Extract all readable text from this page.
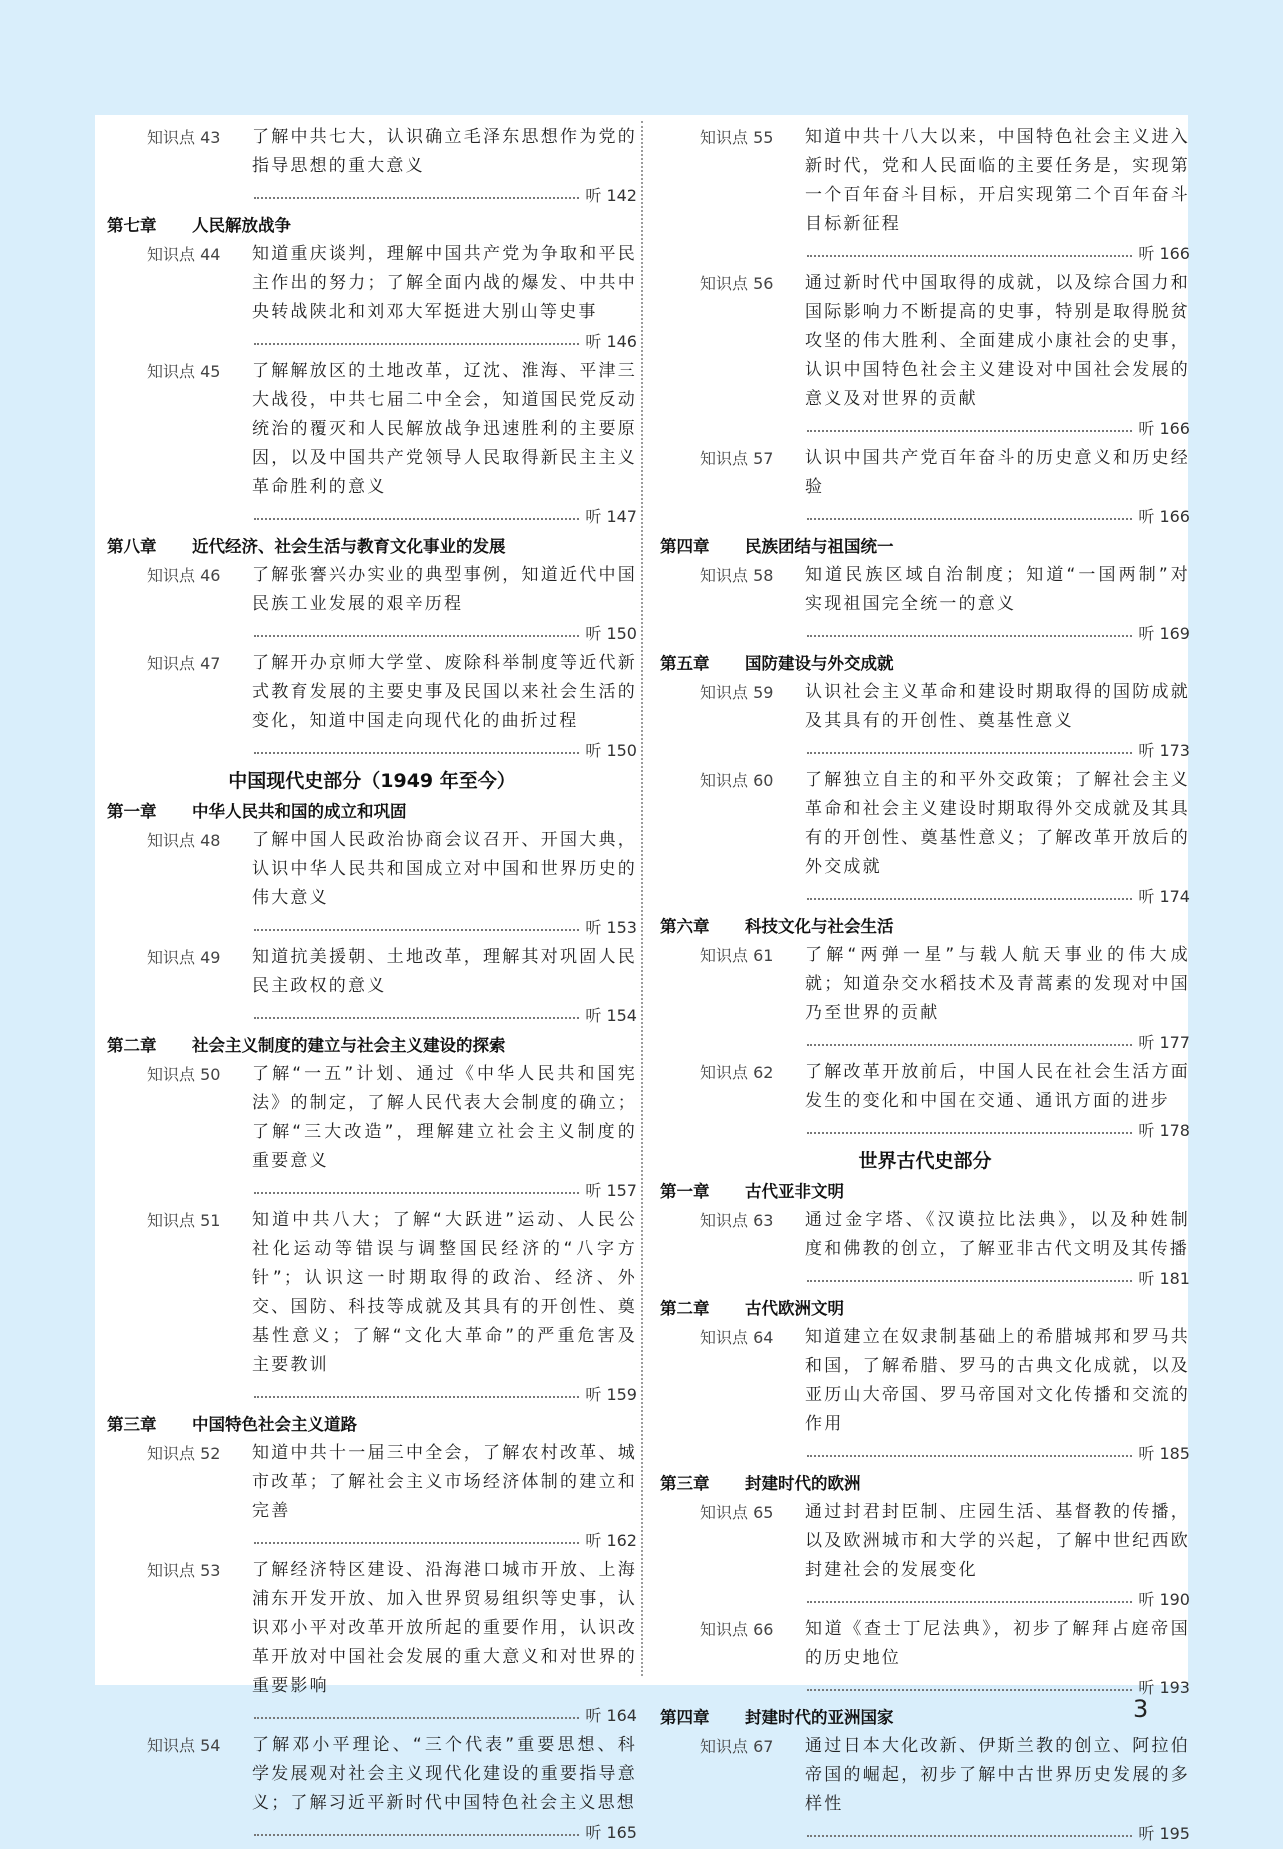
知识点 43 了解中共七大，认识确立毛泽东思想作为党的指导思想的重大意义
听 142
第七章 人民解放战争
知识点 44 知道重庆谈判，理解中国共产党为争取和平民主作出的努力；了解全面内战的爆发、中共中央转战陕北和刘邓大军挺进大别山等史事
听 146
知识点 45 了解解放区的土地改革，辽沈、淮海、平津三大战役，中共七届二中全会，知道国民党反动统治的覆灭和人民解放战争迅速胜利的主要原因，以及中国共产党领导人民取得新民主主义革命胜利的意义
听 147
第八章 近代经济、社会生活与教育文化事业的发展
知识点 46 了解张謇兴办实业的典型事例，知道近代中国民族工业发展的艰辛历程
听 150
知识点 47 了解开办京师大学堂、废除科举制度等近代新式教育发展的主要史事及民国以来社会生活的变化，知道中国走向现代化的曲折过程
听 150
中国现代史部分（1949 年至今）
第一章 中华人民共和国的成立和巩固
知识点 48 了解中国人民政治协商会议召开、开国大典，认识中华人民共和国成立对中国和世界历史的伟大意义
听 153
知识点 49 知道抗美援朝、土地改革，理解其对巩固人民民主政权的意义
听 154
第二章 社会主义制度的建立与社会主义建设的探索
知识点 50 了解“一五”计划、通过《中华人民共和国宪法》的制定，了解人民代表大会制度的确立；了解“三大改造”，理解建立社会主义制度的重要意义
听 157
知识点 51 知道中共八大；了解“大跃进”运动、人民公社化运动等错误与调整国民经济的“八字方针”；认识这一时期取得的政治、经济、外交、国防、科技等成就及其具有的开创性、奠基性意义；了解“文化大革命”的严重危害及主要教训
听 159
第三章 中国特色社会主义道路
知识点 52 知道中共十一届三中全会，了解农村改革、城市改革；了解社会主义市场经济体制的建立和完善
听 162
知识点 53 了解经济特区建设、沿海港口城市开放、上海浦东开发开放、加入世界贸易组织等史事，认识邓小平对改革开放所起的重要作用，认识改革开放对中国社会发展的重大意义和对世界的重要影响
听 164
知识点 54 了解邓小平理论、“三个代表”重要思想、科学发展观对社会主义现代化建设的重要指导意义；了解习近平新时代中国特色社会主义思想
听 165
知识点 55 知道中共十八大以来，中国特色社会主义进入新时代，党和人民面临的主要任务是，实现第一个百年奋斗目标，开启实现第二个百年奋斗目标新征程
听 166
知识点 56 通过新时代中国取得的成就，以及综合国力和国际影响力不断提高的史事，特别是取得脱贫攻坚的伟大胜利、全面建成小康社会的史事，认识中国特色社会主义建设对中国社会发展的意义及对世界的贡献
听 166
知识点 57 认识中国共产党百年奋斗的历史意义和历史经验
听 166
第四章 民族团结与祖国统一
知识点 58 知道民族区域自治制度；知道“一国两制”对实现祖国完全统一的意义
听 169
第五章 国防建设与外交成就
知识点 59 认识社会主义革命和建设时期取得的国防成就及其具有的开创性、奠基性意义
听 173
知识点 60 了解独立自主的和平外交政策；了解社会主义革命和社会主义建设时期取得外交成就及其具有的开创性、奠基性意义；了解改革开放后的外交成就
听 174
第六章 科技文化与社会生活
知识点 61 了解“两弹一星”与载人航天事业的伟大成就；知道杂交水稻技术及青蒿素的发现对中国乃至世界的贡献
听 177
知识点 62 了解改革开放前后，中国人民在社会生活方面发生的变化和中国在交通、通讯方面的进步
听 178
世界古代史部分
第一章 古代亚非文明
知识点 63 通过金字塔、《汉谟拉比法典》，以及种姓制度和佛教的创立，了解亚非古代文明及其传播
听 181
第二章 古代欧洲文明
知识点 64 知道建立在奴隶制基础上的希腊城邦和罗马共和国，了解希腊、罗马的古典文化成就，以及亚历山大帝国、罗马帝国对文化传播和交流的作用
听 185
第三章 封建时代的欧洲
知识点 65 通过封君封臣制、庄园生活、基督教的传播，以及欧洲城市和大学的兴起，了解中世纪西欧封建社会的发展变化
听 190
知识点 66 知道《查士丁尼法典》，初步了解拜占庭帝国的历史地位
听 193
第四章 封建时代的亚洲国家
知识点 67 通过日本大化改新、伊斯兰教的创立、阿拉伯帝国的崛起，初步了解中古世界历史发展的多样性
听 195
3
